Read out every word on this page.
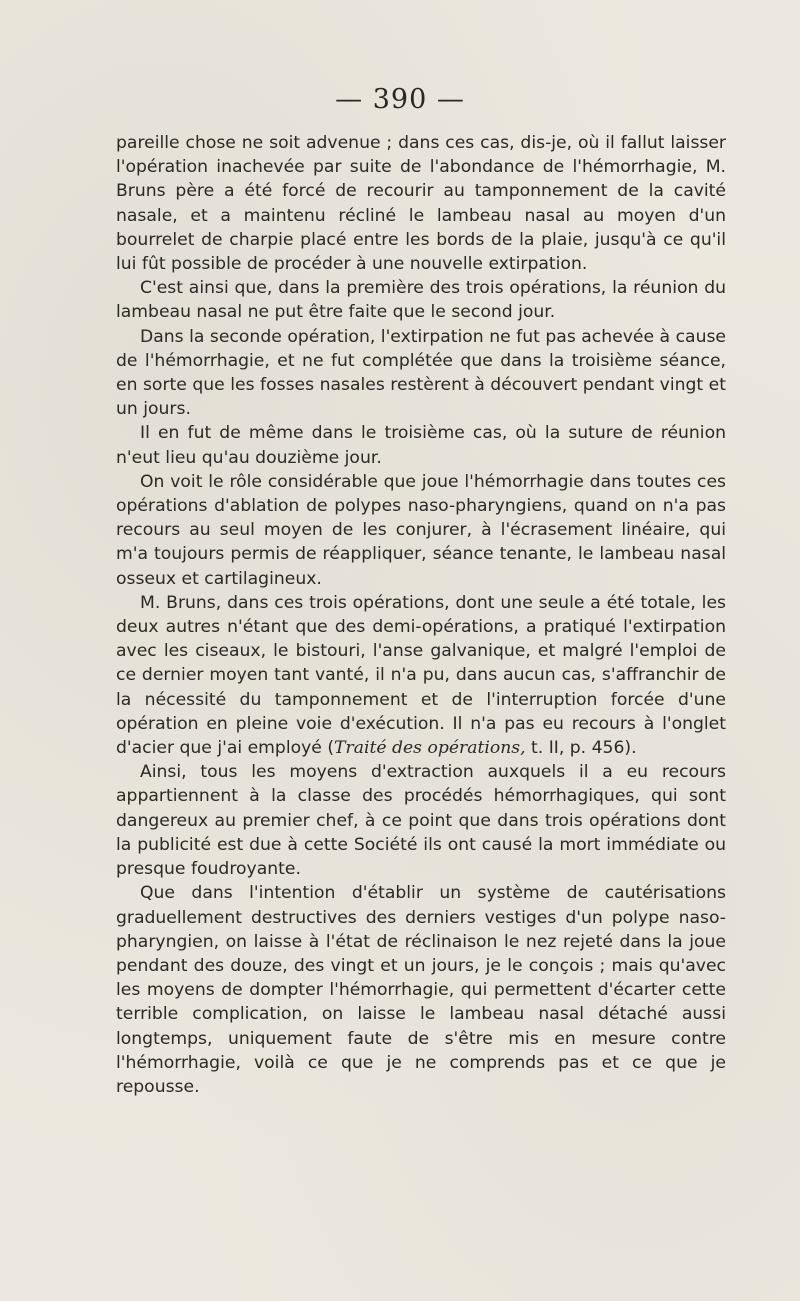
— 390 —

pareille chose ne soit advenue ; dans ces cas, dis-je, où il fallut laisser l'opération inachevée par suite de l'abondance de l'hémorrhagie, M. Bruns père a été forcé de recourir au tamponnement de la cavité nasale, et a maintenu récliné le lambeau nasal au moyen d'un bourrelet de charpie placé entre les bords de la plaie, jusqu'à ce qu'il lui fût possible de procéder à une nouvelle extirpation.

C'est ainsi que, dans la première des trois opérations, la réunion du lambeau nasal ne put être faite que le second jour.

Dans la seconde opération, l'extirpation ne fut pas achevée à cause de l'hémorrhagie, et ne fut complétée que dans la troisième séance, en sorte que les fosses nasales restèrent à découvert pendant vingt et un jours.

Il en fut de même dans le troisième cas, où la suture de réunion n'eut lieu qu'au douzième jour.

On voit le rôle considérable que joue l'hémorrhagie dans toutes ces opérations d'ablation de polypes naso-pharyngiens, quand on n'a pas recours au seul moyen de les conjurer, à l'écrasement linéaire, qui m'a toujours permis de réappliquer, séance tenante, le lambeau nasal osseux et cartilagineux.

M. Bruns, dans ces trois opérations, dont une seule a été totale, les deux autres n'étant que des demi-opérations, a pratiqué l'extirpation avec les ciseaux, le bistouri, l'anse galvanique, et malgré l'emploi de ce dernier moyen tant vanté, il n'a pu, dans aucun cas, s'affranchir de la nécessité du tamponnement et de l'interruption forcée d'une opération en pleine voie d'exécution. Il n'a pas eu recours à l'onglet d'acier que j'ai employé (Traité des opérations, t. II, p. 456).

Ainsi, tous les moyens d'extraction auxquels il a eu recours appartiennent à la classe des procédés hémorrhagiques, qui sont dangereux au premier chef, à ce point que dans trois opérations dont la publicité est due à cette Société ils ont causé la mort immédiate ou presque foudroyante.

Que dans l'intention d'établir un système de cautérisations graduellement destructives des derniers vestiges d'un polype naso-pharyngien, on laisse à l'état de réclinaison le nez rejeté dans la joue pendant des douze, des vingt et un jours, je le conçois ; mais qu'avec les moyens de dompter l'hémorrhagie, qui permettent d'écarter cette terrible complication, on laisse le lambeau nasal détaché aussi longtemps, uniquement faute de s'être mis en mesure contre l'hémorrhagie, voilà ce que je ne comprends pas et ce que je repousse.
